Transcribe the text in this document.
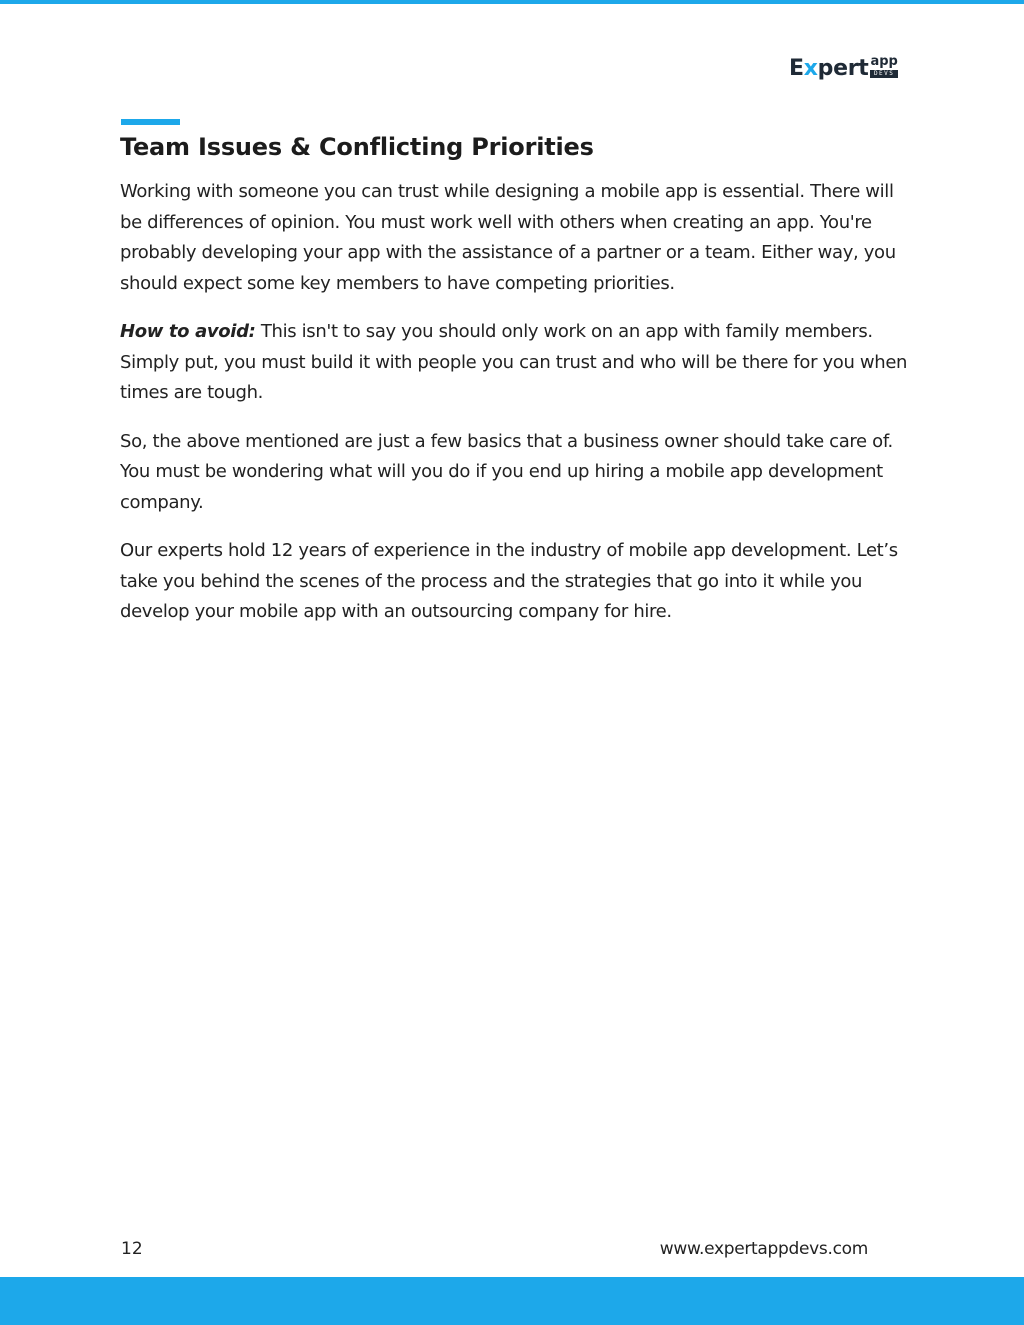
E x pert app
DEVS
Team Issues & Conflicting Priorities

Working with someone you can trust while designing a mobile app is essential. There will be differences of opinion. You must work well with others when creating an app. You're probably developing your app with the assistance of a partner or a team. Either way, you should expect some key members to have competing priorities.

How to avoid: This isn't to say you should only work on an app with family members. Simply put, you must build it with people you can trust and who will be there for you when times are tough.

So, the above mentioned are just a few basics that a business owner should take care of. You must be wondering what will you do if you end up hiring a mobile app development company.

Our experts hold 12 years of experience in the industry of mobile app development. Let’s take you behind the scenes of the process and the strategies that go into it while you develop your mobile app with an outsourcing company for hire.

12	www.expertappdevs.com
